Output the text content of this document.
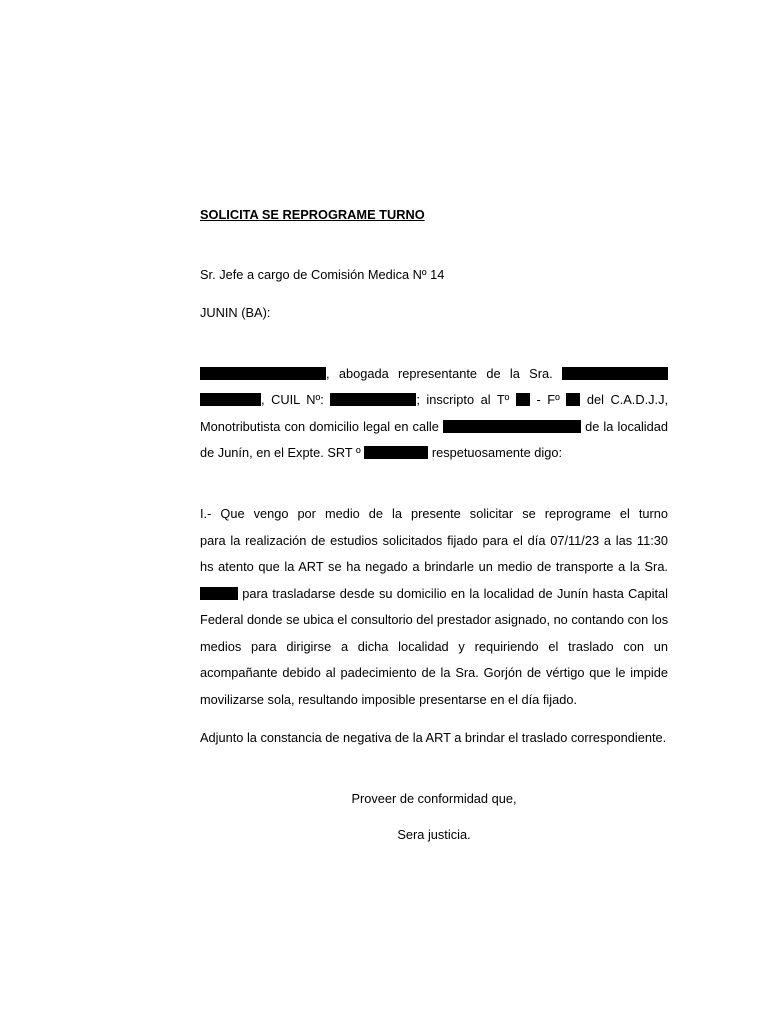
SOLICITA SE REPROGRAME TURNO
Sr. Jefe a cargo de Comisión Medica Nº 14
JUNIN (BA):
, abogada representante de la Sra.
, CUIL Nº:	; inscripto al Tº - Fº del C.A.D.J.J,
Monotributista con domicilio legal en calle	de la localidad
de Junín, en el Expte. SRT º	respetuosamente digo:
I.- Que vengo por medio de la presente solicitar se reprograme el turno
para la realización de estudios solicitados fijado para el día 07/11/23 a las 11:30
hs atento que la ART se ha negado a brindarle un medio de transporte a la Sra.
para trasladarse desde su domicilio en la localidad de Junín hasta Capital
Federal donde se ubica el consultorio del prestador asignado, no contando con los
medios para dirigirse a dicha localidad y requiriendo el traslado con un
acompañante debido al padecimiento de la Sra. Gorjón de vértigo que le impide
movilizarse sola, resultando imposible presentarse en el día fijado.
Adjunto la constancia de negativa de la ART a brindar el traslado correspondiente.
Proveer de conformidad que,
Sera justicia.
